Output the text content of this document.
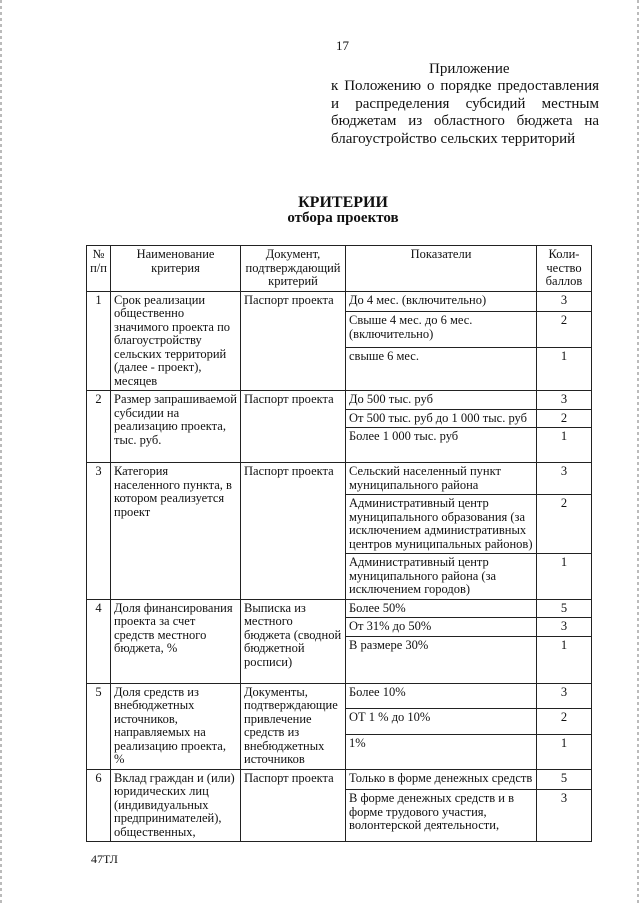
17
Приложение
к Положению о порядке предоставления и распределения субсидий местным бюджетам из областного бюджета на благоустройство сельских территорий
КРИТЕРИИ
отбора проектов
№ п/п	Наименование критерия	Документ, подтверждающий критерий	Показатели	Коли-чество баллов
1	Срок реализации общественно значимого проекта по благоустройству сельских территорий (далее - проект), месяцев	Паспорт проекта	До 4 мес. (включительно)	3
			Свыше 4 мес. до 6 мес. (включительно)	2
			свыше 6 мес.	1
2	Размер запрашиваемой субсидии на реализацию проекта, тыс. руб.	Паспорт проекта	До 500 тыс. руб	3
			От 500 тыс. руб до 1 000 тыс. руб	2
			Более 1 000 тыс. руб	1
3	Категория населенного пункта, в котором реализуется проект	Паспорт проекта	Сельский населенный пункт муниципального района	3
			Административный центр муниципального образования (за исключением административных центров муниципальных районов)	2
			Административный центр муниципального района (за исключением городов)	1
4	Доля финансирования проекта за счет средств местного бюджета, %	Выписка из местного бюджета (сводной бюджетной росписи)	Более 50%	5
			От 31% до 50%	3
			В размере 30%	1
5	Доля средств из внебюджетных источников, направляемых на реализацию проекта, %	Документы, подтверждающие привлечение средств из внебюджетных источников	Более 10%	3
			ОТ 1 % до 10%	2
			1%	1
6	Вклад граждан и (или) юридических лиц (индивидуальных предпринимателей), общественных,	Паспорт проекта	Только в форме денежных средств	5
			В форме денежных средств и в форме трудового участия, волонтерской деятельности,	3
47ТЛ
